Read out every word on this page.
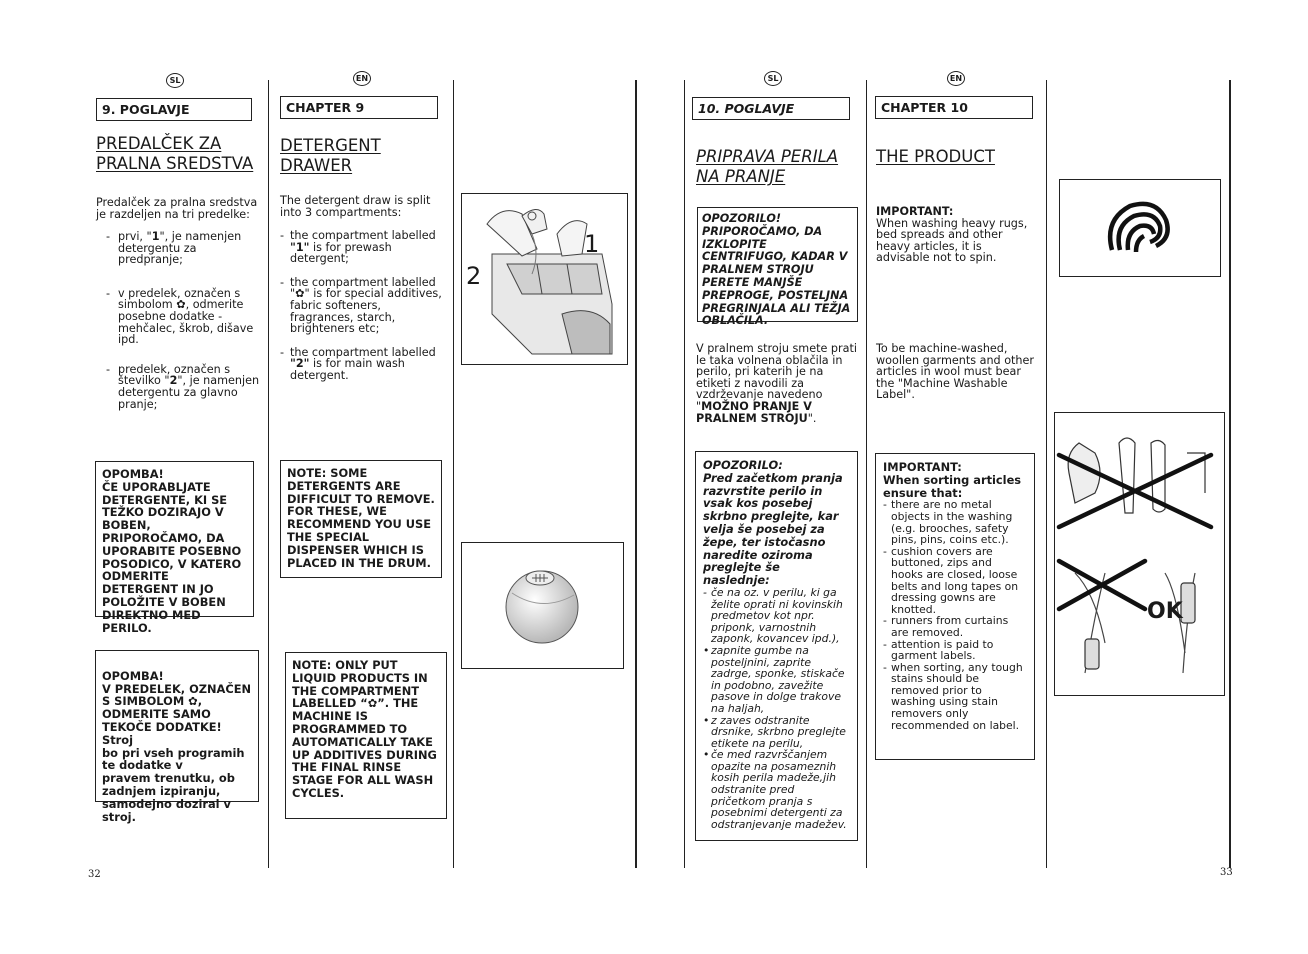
SL
9. POGLAVJE
PREDALČEK ZA
PRALNA SREDSTVA
Predalček za pralna sredstva je razdeljen na tri predelke:
- prvi, "1", je namenjen detergentu za predpranje;
- v predelek, označen s simbolom ✿, odmerite posebne dodatke - mehčalec, škrob, dišave ipd.
- predelek, označen s številko "2", je namenjen detergentu za glavno pranje;
OPOMBA!
ČE UPORABLJATE DETERGENTE, KI SE TEŽKO DOZIRAJO V BOBEN, PRIPOROČAMO, DA UPORABITE POSEBNO POSODICO, V KATERO ODMERITE DETERGENT IN JO POLOŽITE V BOBEN DIREKTNO MED PERILO.

OPOMBA!
V PREDELEK, OZNAČEN S SIMBOLOM ✿,
ODMERITE SAMO TEKOČE DODATKE! Stroj
bo pri vseh programih te dodatke v
pravem trenutku, ob zadnjem izpiranju, samodejno doziral v stroj.

32
EN
CHAPTER 9
DETERGENT
DRAWER
The detergent draw is split into 3 compartments:
- the compartment labelled "1" is for prewash detergent;
- the compartment labelled "✿" is for special additives, fabric softeners, fragrances, starch, brighteners etc;
- the compartment labelled "2" is for main wash detergent.
NOTE: SOME DETERGENTS ARE DIFFICULT TO REMOVE. FOR THESE, WE RECOMMEND YOU USE THE SPECIAL DISPENSER WHICH IS PLACED IN THE DRUM.
NOTE: ONLY PUT LIQUID PRODUCTS IN THE COMPARTMENT LABELLED “✿”. THE MACHINE IS PROGRAMMED TO AUTOMATICALLY TAKE UP ADDITIVES DURING THE FINAL RINSE STAGE FOR ALL WASH CYCLES.
1
2
SL
10. POGLAVJE
PRIPRAVA PERILA
NA PRANJE
OPOZORILO!
PRIPOROČAMO, DA IZKLOPITE CENTRIFUGO, KADAR V PRALNEM STROJU PERETE MANJŠE PREPROGE, POSTELJNA PREGRINJALA ALI TEŽJA OBLAČILA.
V pralnem stroju smete prati le taka volnena oblačila in perilo, pri katerih je na etiketi z navodili za vzdrževanje navedeno "MOŽNO PRANJE V PRALNEM STROJU".
OPOZORILO:
Pred začetkom pranja razvrstite perilo in vsak kos posebej skrbno preglejte, kar velja še posebej za žepe, ter istočasno naredite oziroma preglejte še naslednje:
- če na oz. v perilu, ki ga želite oprati ni kovinskih predmetov kot npr. priponk, varnostnih zaponk, kovancev ipd.),
• zapnite gumbe na posteljnini, zaprite zadrge, sponke, stiskače in podobno, zavežite pasove in dolge trakove na haljah,
• z zaves odstranite drsnike, skrbno preglejte etikete na perilu,
• če med razvrščanjem opazite na posameznih kosih perila madeže,jih odstranite pred pričetkom pranja s posebnimi detergenti za odstranjevanje madežev.
EN
CHAPTER 10
THE PRODUCT
IMPORTANT:
When washing heavy rugs, bed spreads and other heavy articles, it is advisable not to spin.
To be machine-washed, woollen garments and other articles in wool must bear the "Machine Washable Label".
IMPORTANT:
When sorting articles ensure that:
- there are no metal objects in the washing (e.g. brooches, safety pins, pins, coins etc.).
- cushion covers are buttoned, zips and hooks are closed, loose belts and long tapes on dressing gowns are knotted.
- runners from curtains are removed.
- attention is paid to garment labels.
- when sorting, any tough stains should be removed prior to washing using stain removers only recommended on label.
OK
33
